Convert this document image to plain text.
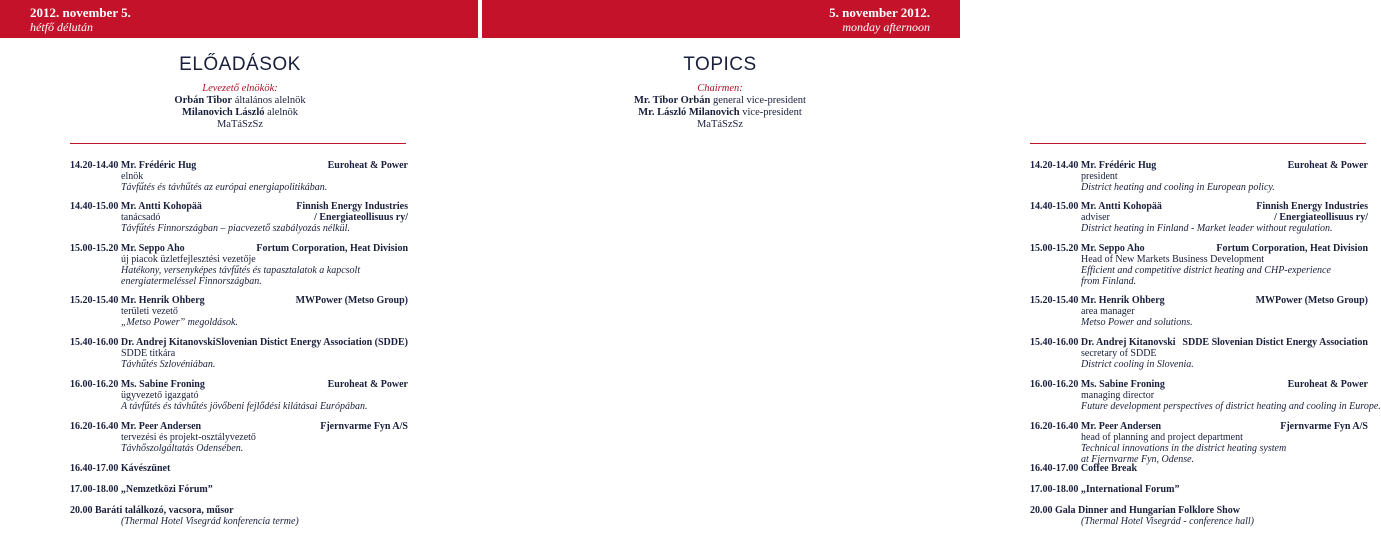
2012. november 5.
hétfő délután
5. november 2012.
monday afternoon
ELŐADÁSOK
Levezető elnökök:
Orbán Tibor általános alelnök
Milanovich László alelnök
MaTáSzSz
14.20-14.40 Mr. Frédéric Hug	Euroheat & Power
elnök
Távfűtés és távhűtés az európai energiapolitikában.
14.40-15.00 Mr. Antti Kohopää	Finnish Energy Industries
tanácsadó	/ Energiateollisuus ry/
Távfűtés Finnországban – piacvezető szabályozás nélkül.
15.00-15.20 Mr. Seppo Aho	Fortum Corporation, Heat Division
új piacok üzletfejlesztési vezetője
Hatékony, versenyképes távfűtés és tapasztalatok a kapcsolt
energiatermeléssel Finnországban.
15.20-15.40 Mr. Henrik Ohberg	MWPower (Metso Group)
területi vezető
„Metso Power” megoldások.
15.40-16.00 Dr. Andrej Kitanovski Slovenian Distict Energy Association (SDDE)
SDDE titkára
Távhűtés Szlovéniában.
16.00-16.20 Ms. Sabine Froning	Euroheat & Power
ügyvezető igazgató
A távfűtés és távhűtés jövőbeni fejlődési kilátásai Európában.
16.20-16.40 Mr. Peer Andersen	Fjernvarme Fyn A/S
tervezési és projekt-osztályvezető
Távhőszolgáltatás Odensében.
16.40-17.00 Kávészünet
17.00-18.00 „Nemzetközi Fórum”
20.00 Baráti találkozó, vacsora, műsor
(Thermal Hotel Visegrád konferencia terme)
TOPICS
Chairmen:
Mr. Tibor Orbán general vice-president
Mr. László Milanovich vice-president
MaTáSzSz
14.20-14.40 Mr. Frédéric Hug	Euroheat & Power
president
District heating and cooling in European policy.
14.40-15.00 Mr. Antti Kohopää	Finnish Energy Industries
adviser	/ Energiateollisuus ry/
District heating in Finland - Market leader without regulation.
15.00-15.20 Mr. Seppo Aho	Fortum Corporation, Heat Division
Head of New Markets Business Development
Efficient and competitive district heating and CHP-experience
from Finland.
15.20-15.40 Mr. Henrik Ohberg	MWPower (Metso Group)
area manager
Metso Power and solutions.
15.40-16.00 Dr. Andrej Kitanovski SDDE Slovenian Distict Energy Association
secretary of SDDE
District cooling in Slovenia.
16.00-16.20 Ms. Sabine Froning	Euroheat & Power
managing director
Future development perspectives of district heating and cooling in Europe.
16.20-16.40 Mr. Peer Andersen	Fjernvarme Fyn A/S
head of planning and project department
Technical innovations in the district heating system
at Fjernvarme Fyn, Odense.
16.40-17.00 Coffee Break
17.00-18.00 „International Forum”
20.00 Gala Dinner and Hungarian Folklore Show
(Thermal Hotel Visegrád - conference hall)
